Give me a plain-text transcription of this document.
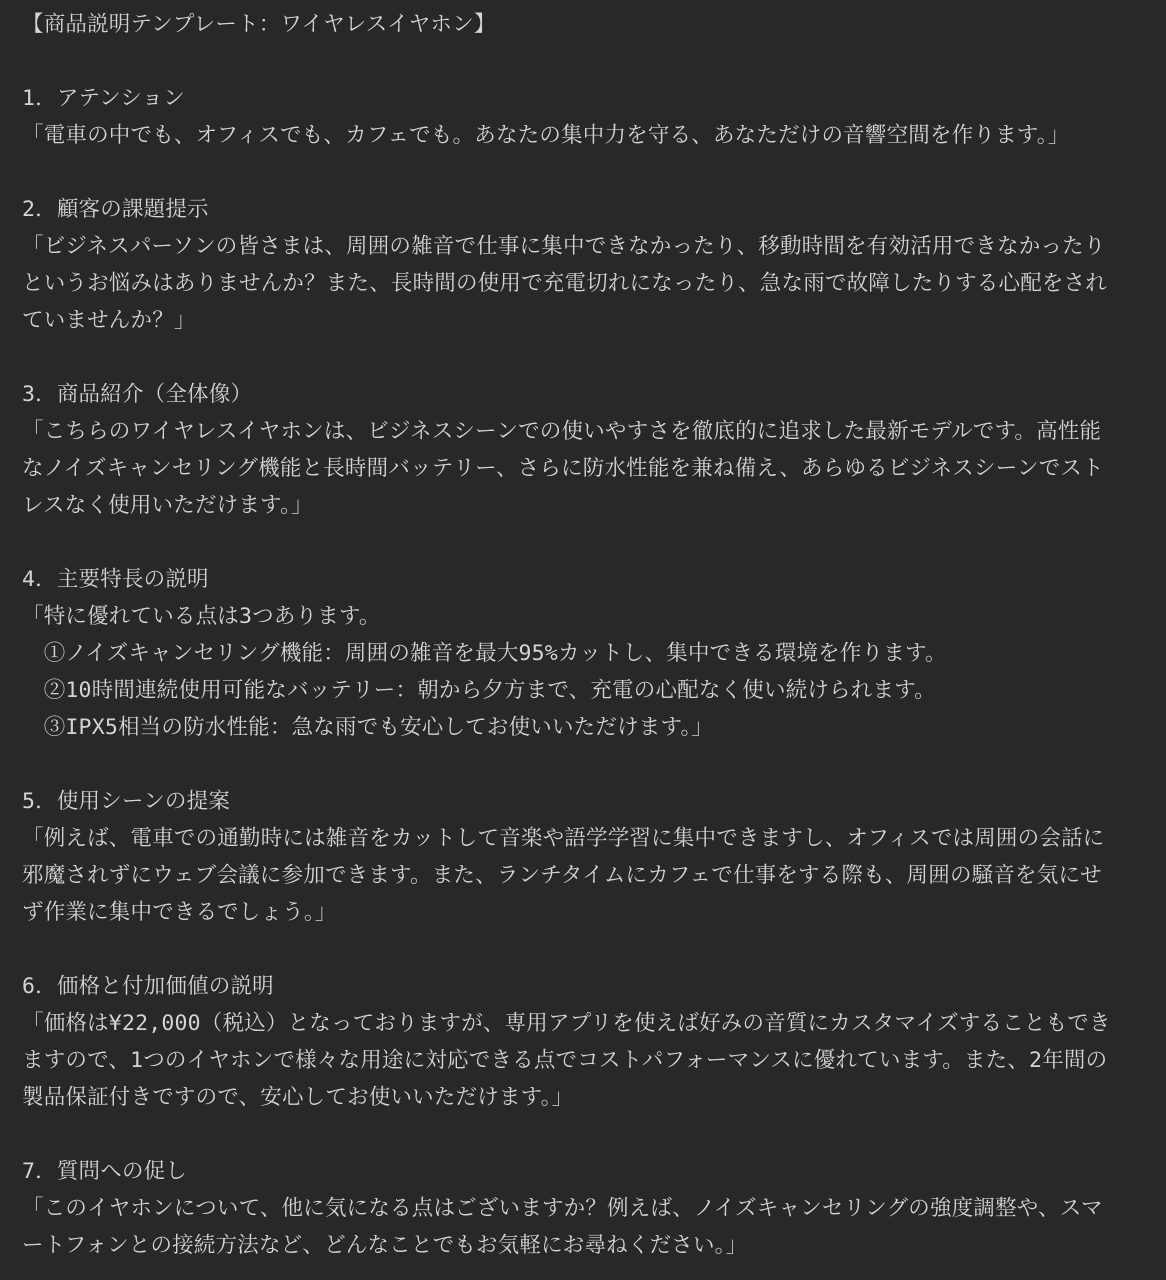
【商品説明テンプレート：ワイヤレスイヤホン】
1．アテンション
「電車の中でも、オフィスでも、カフェでも。あなたの集中力を守る、あなただけの音響空間を作ります。」
2．顧客の課題提示
「ビジネスパーソンの皆さまは、周囲の雑音で仕事に集中できなかったり、移動時間を有効活用できなかったり
というお悩みはありませんか？また、長時間の使用で充電切れになったり、急な雨で故障したりする心配をされ
ていませんか？」
3．商品紹介（全体像）
「こちらのワイヤレスイヤホンは、ビジネスシーンでの使いやすさを徹底的に追求した最新モデルです。高性能
なノイズキャンセリング機能と長時間バッテリー、さらに防水性能を兼ね備え、あらゆるビジネスシーンでスト
レスなく使用いただけます。」
4．主要特長の説明
「特に優れている点は3つあります。
　①ノイズキャンセリング機能：周囲の雑音を最大95%カットし、集中できる環境を作ります。
　②10時間連続使用可能なバッテリー：朝から夕方まで、充電の心配なく使い続けられます。
　③IPX5相当の防水性能：急な雨でも安心してお使いいただけます。」
5．使用シーンの提案
「例えば、電車での通勤時には雑音をカットして音楽や語学学習に集中できますし、オフィスでは周囲の会話に
邪魔されずにウェブ会議に参加できます。また、ランチタイムにカフェで仕事をする際も、周囲の騒音を気にせ
ず作業に集中できるでしょう。」
6．価格と付加価値の説明
「価格は¥22,000（税込）となっておりますが、専用アプリを使えば好みの音質にカスタマイズすることもでき
ますので、1つのイヤホンで様々な用途に対応できる点でコストパフォーマンスに優れています。また、2年間の
製品保証付きですので、安心してお使いいただけます。」
7．質問への促し
「このイヤホンについて、他に気になる点はございますか？例えば、ノイズキャンセリングの強度調整や、スマ
ートフォンとの接続方法など、どんなことでもお気軽にお尋ねください。」
